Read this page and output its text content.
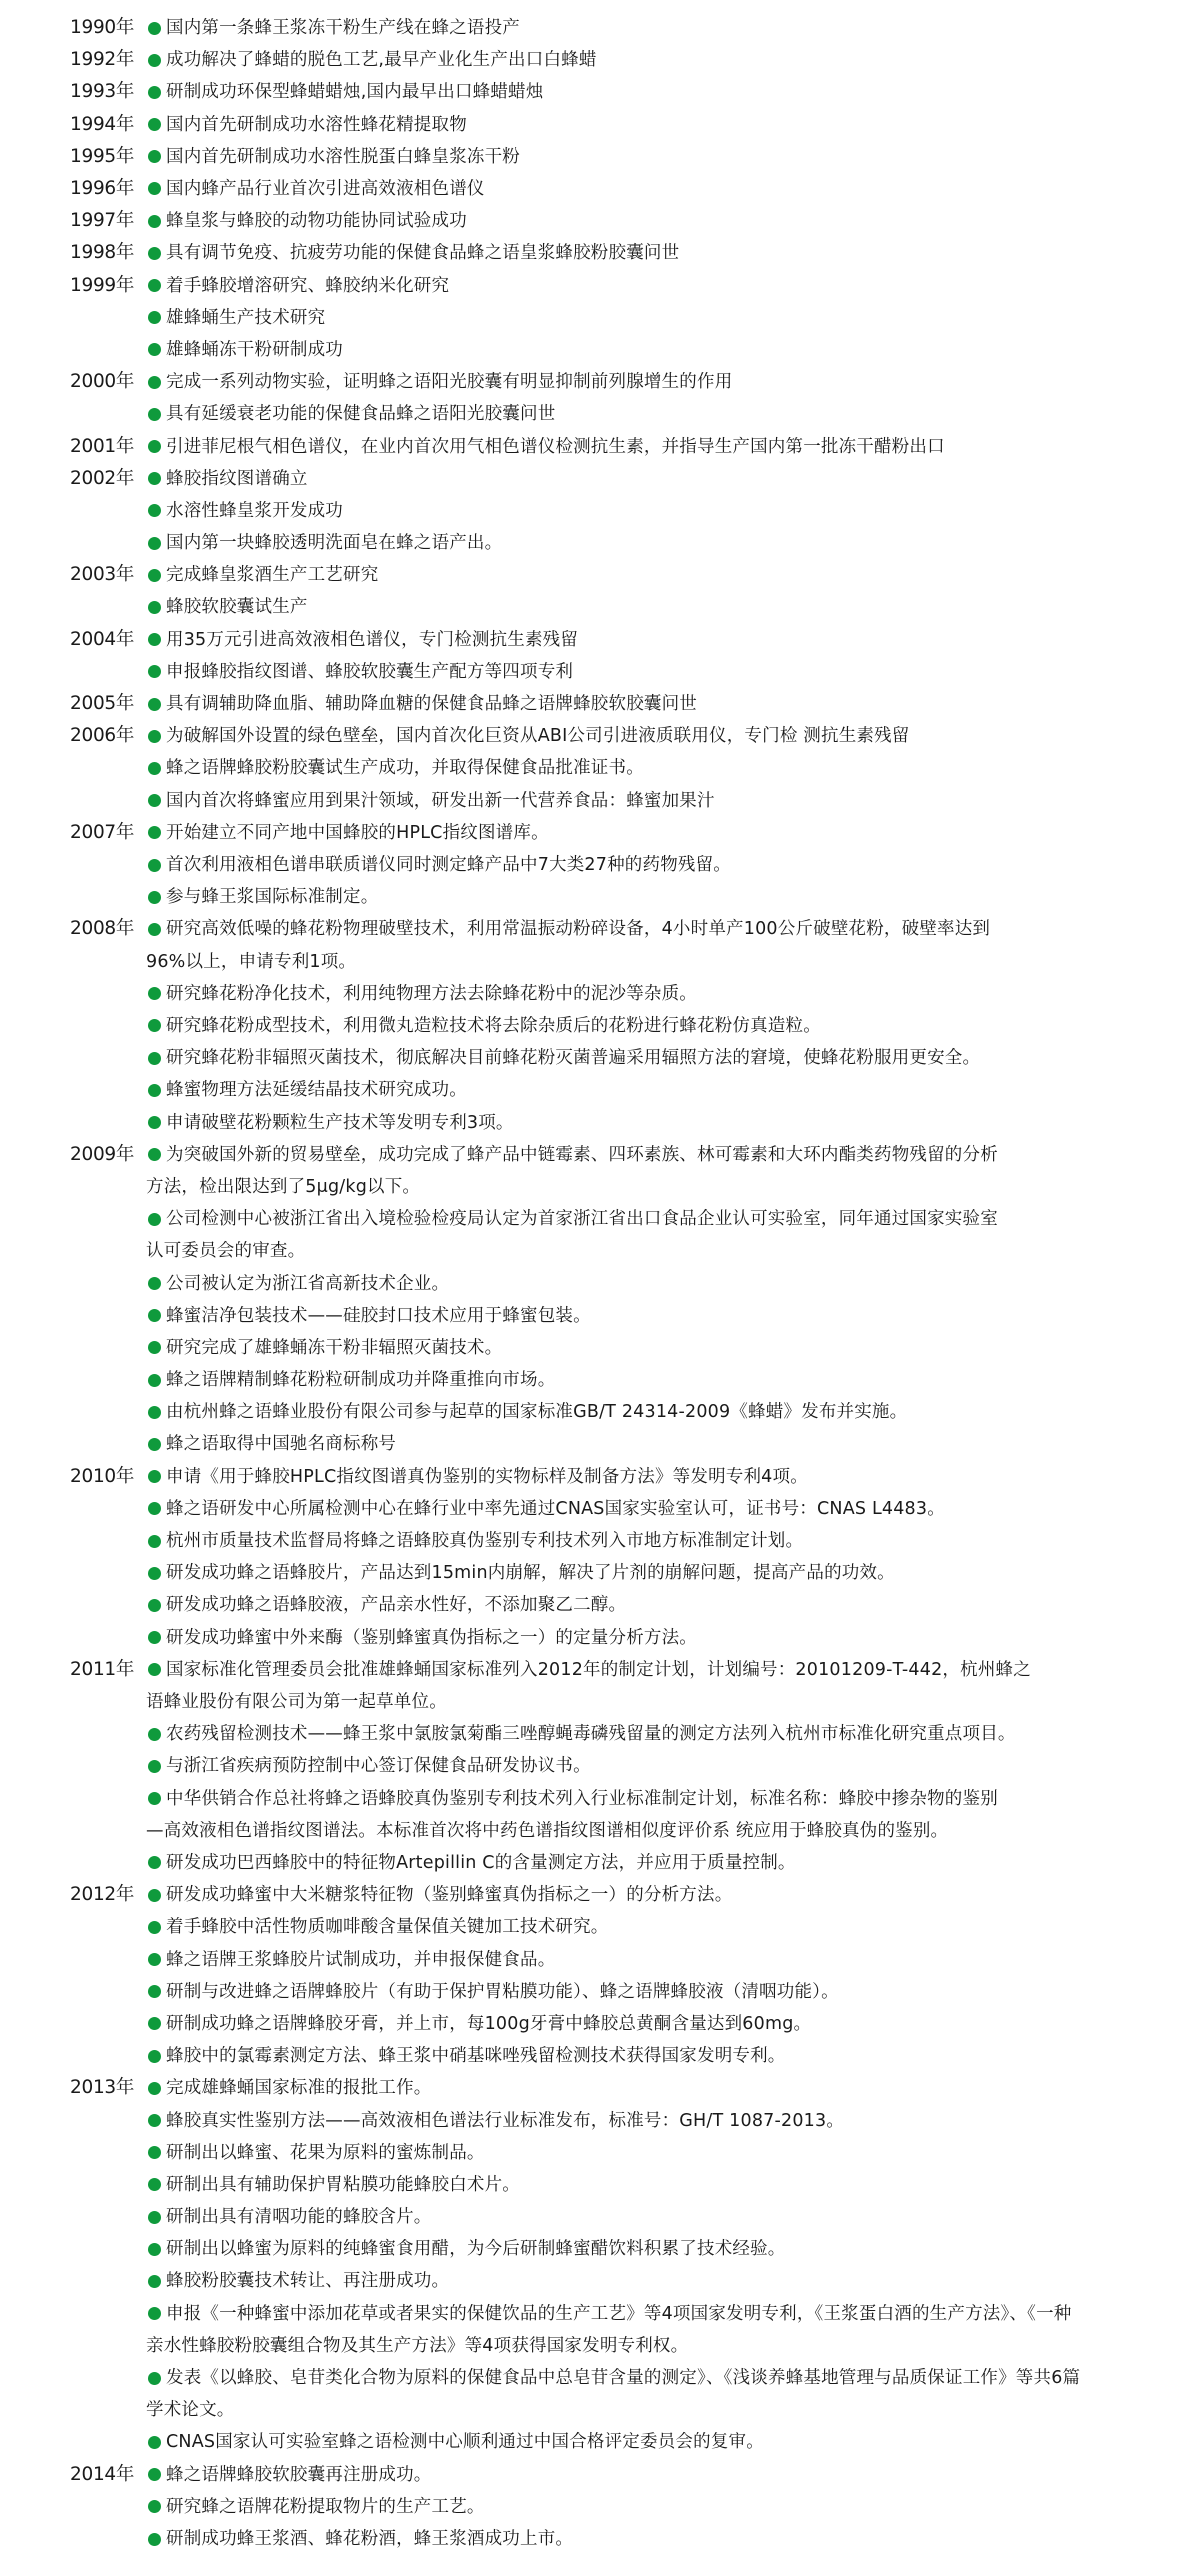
1990年	国内第一条蜂王浆冻干粉生产线在蜂之语投产
1992年	成功解决了蜂蜡的脱色工艺,最早产业化生产出口白蜂蜡
1993年	研制成功环保型蜂蜡蜡烛,国内最早出口蜂蜡蜡烛
1994年	国内首先研制成功水溶性蜂花精提取物
1995年	国内首先研制成功水溶性脱蛋白蜂皇浆冻干粉
1996年	国内蜂产品行业首次引进高效液相色谱仪
1997年	蜂皇浆与蜂胶的动物功能协同试验成功
1998年	具有调节免疫、抗疲劳功能的保健食品蜂之语皇浆蜂胶粉胶囊问世
1999年	着手蜂胶增溶研究、蜂胶纳米化研究
雄蜂蛹生产技术研究
雄蜂蛹冻干粉研制成功
2000年	完成一系列动物实验，证明蜂之语阳光胶囊有明显抑制前列腺增生的作用
具有延缓衰老功能的保健食品蜂之语阳光胶囊问世
2001年	引进菲尼根气相色谱仪，在业内首次用气相色谱仪检测抗生素，并指导生产国内第一批冻干醋粉出口
2002年	蜂胶指纹图谱确立
水溶性蜂皇浆开发成功
国内第一块蜂胶透明洗面皂在蜂之语产出。
2003年	完成蜂皇浆酒生产工艺研究
蜂胶软胶囊试生产
2004年	用35万元引进高效液相色谱仪，专门检测抗生素残留
申报蜂胶指纹图谱、蜂胶软胶囊生产配方等四项专利
2005年	具有调辅助降血脂、辅助降血糖的保健食品蜂之语牌蜂胶软胶囊问世
2006年	为破解国外设置的绿色壁垒，国内首次化巨资从ABI公司引进液质联用仪，专门检 测抗生素残留
蜂之语牌蜂胶粉胶囊试生产成功，并取得保健食品批准证书。
国内首次将蜂蜜应用到果汁领域，研发出新一代营养食品：蜂蜜加果汁
2007年	开始建立不同产地中国蜂胶的HPLC指纹图谱库。
首次利用液相色谱串联质谱仪同时测定蜂产品中7大类27种的药物残留。
参与蜂王浆国际标准制定。
2008年	研究高效低噪的蜂花粉物理破壁技术，利用常温振动粉碎设备，4小时单产100公斤破壁花粉，破壁率达到
96%以上，申请专利1项。
研究蜂花粉净化技术，利用纯物理方法去除蜂花粉中的泥沙等杂质。
研究蜂花粉成型技术，利用微丸造粒技术将去除杂质后的花粉进行蜂花粉仿真造粒。
研究蜂花粉非辐照灭菌技术，彻底解决目前蜂花粉灭菌普遍采用辐照方法的窘境，使蜂花粉服用更安全。
蜂蜜物理方法延缓结晶技术研究成功。
申请破壁花粉颗粒生产技术等发明专利3项。
2009年	为突破国外新的贸易壁垒，成功完成了蜂产品中链霉素、四环素族、林可霉素和大环内酯类药物残留的分析
方法，检出限达到了5μg/kg以下。
公司检测中心被浙江省出入境检验检疫局认定为首家浙江省出口食品企业认可实验室，同年通过国家实验室
认可委员会的审查。
公司被认定为浙江省高新技术企业。
蜂蜜洁净包装技术——硅胶封口技术应用于蜂蜜包装。
研究完成了雄蜂蛹冻干粉非辐照灭菌技术。
蜂之语牌精制蜂花粉粒研制成功并降重推向市场。
由杭州蜂之语蜂业股份有限公司参与起草的国家标准GB/T 24314-2009《蜂蜡》发布并实施。
蜂之语取得中国驰名商标称号
2010年	申请《用于蜂胶HPLC指纹图谱真伪鉴别的实物标样及制备方法》等发明专利4项。
蜂之语研发中心所属检测中心在蜂行业中率先通过CNAS国家实验室认可，证书号：CNAS L4483。
杭州市质量技术监督局将蜂之语蜂胶真伪鉴别专利技术列入市地方标准制定计划。
研发成功蜂之语蜂胶片，产品达到15min内崩解，解决了片剂的崩解问题，提高产品的功效。
研发成功蜂之语蜂胶液，产品亲水性好，不添加聚乙二醇。
研发成功蜂蜜中外来酶（鉴别蜂蜜真伪指标之一）的定量分析方法。
2011年	国家标准化管理委员会批准雄蜂蛹国家标准列入2012年的制定计划，计划编号：20101209-T-442，杭州蜂之
语蜂业股份有限公司为第一起草单位。
农药残留检测技术——蜂王浆中氯胺氯菊酯三唑醇蝇毒磷残留量的测定方法列入杭州市标准化研究重点项目。
与浙江省疾病预防控制中心签订保健食品研发协议书。
中华供销合作总社将蜂之语蜂胶真伪鉴别专利技术列入行业标准制定计划，标准名称：蜂胶中掺杂物的鉴别
—高效液相色谱指纹图谱法。本标准首次将中药色谱指纹图谱相似度评价系 统应用于蜂胶真伪的鉴别。
研发成功巴西蜂胶中的特征物Artepillin C的含量测定方法，并应用于质量控制。
2012年	研发成功蜂蜜中大米糖浆特征物（鉴别蜂蜜真伪指标之一）的分析方法。
着手蜂胶中活性物质咖啡酸含量保值关键加工技术研究。
蜂之语牌王浆蜂胶片试制成功，并申报保健食品。
研制与改进蜂之语牌蜂胶片（有助于保护胃粘膜功能）、蜂之语牌蜂胶液（清咽功能）。
研制成功蜂之语牌蜂胶牙膏，并上市，每100g牙膏中蜂胶总黄酮含量达到60mg。
蜂胶中的氯霉素测定方法、蜂王浆中硝基咪唑残留检测技术获得国家发明专利。
2013年	完成雄蜂蛹国家标准的报批工作。
蜂胶真实性鉴别方法——高效液相色谱法行业标准发布，标准号：GH/T 1087-2013。
研制出以蜂蜜、花果为原料的蜜炼制品。
研制出具有辅助保护胃粘膜功能蜂胶白术片。
研制出具有清咽功能的蜂胶含片。
研制出以蜂蜜为原料的纯蜂蜜食用醋，为今后研制蜂蜜醋饮料积累了技术经验。
蜂胶粉胶囊技术转让、再注册成功。
申报《一种蜂蜜中添加花草或者果实的保健饮品的生产工艺》等4项国家发明专利，《王浆蛋白酒的生产方法》、《一种
亲水性蜂胶粉胶囊组合物及其生产方法》等4项获得国家发明专利权。
发表《以蜂胶、皂苷类化合物为原料的保健食品中总皂苷含量的测定》、《浅谈养蜂基地管理与品质保证工作》等共6篇
学术论文。
CNAS国家认可实验室蜂之语检测中心顺利通过中国合格评定委员会的复审。
2014年	蜂之语牌蜂胶软胶囊再注册成功。
研究蜂之语牌花粉提取物片的生产工艺。
研制成功蜂王浆酒、蜂花粉酒，蜂王浆酒成功上市。
